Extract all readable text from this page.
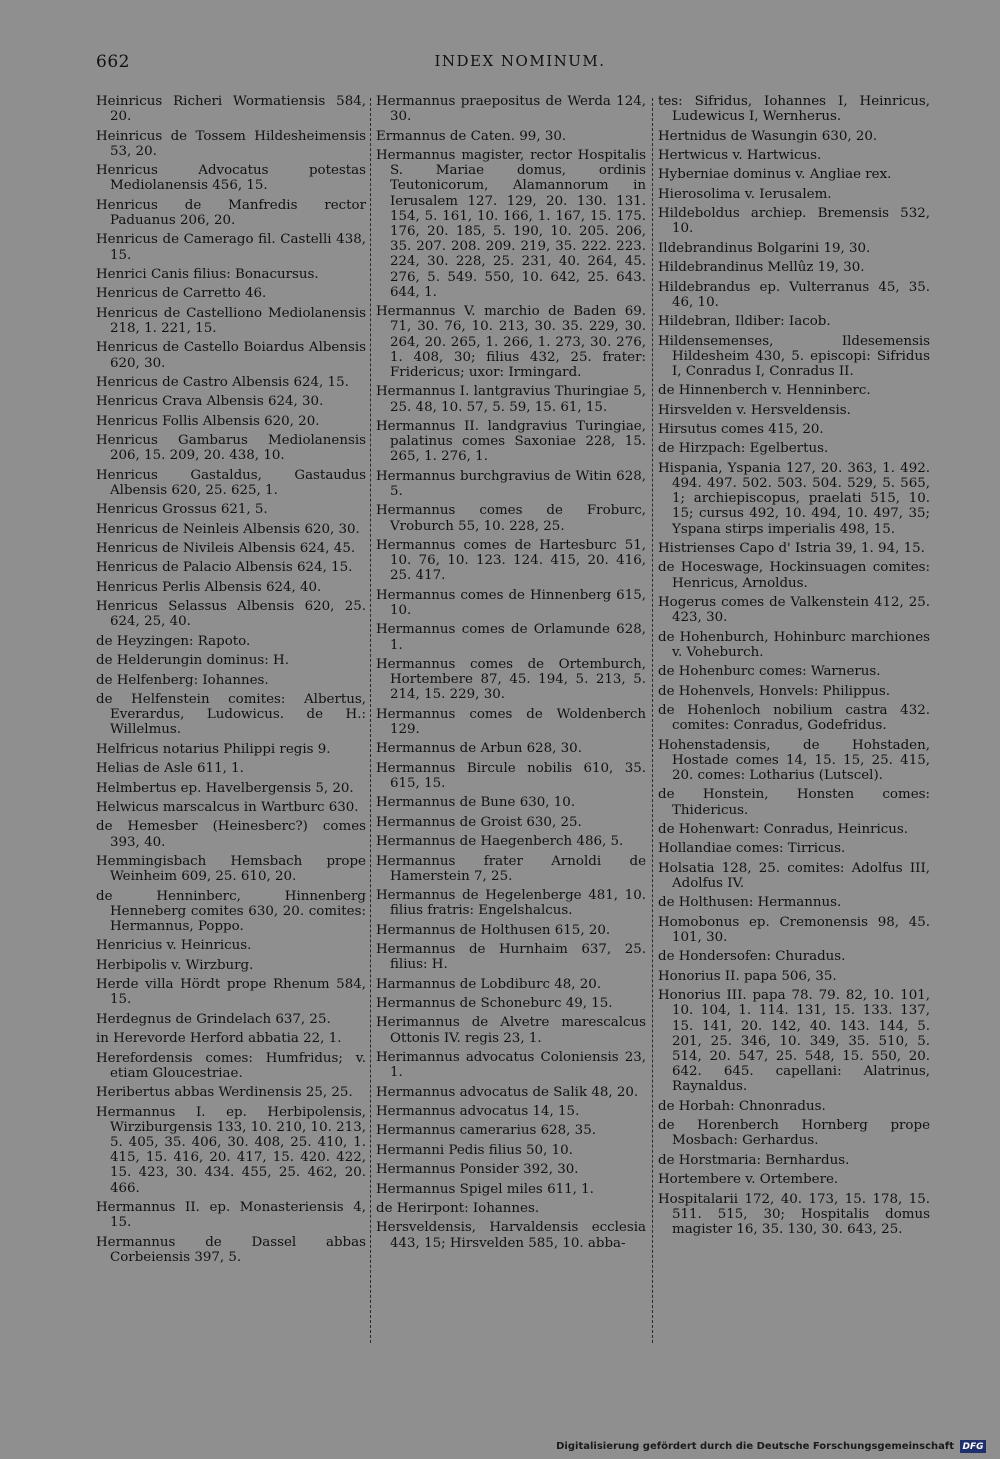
662	INDEX NOMINUM.
Heinricus Richeri Wormatiensis 584, 20.
Heinricus de Tossem Hildesheimensis 53, 20.
Henricus Advocatus potestas Mediolanensis 456, 15.
Henricus de Manfredis rector Paduanus 206, 20.
Henricus de Camerago fil. Castelli 438, 15.
Henrici Canis filius: Bonacursus.
Henricus de Carretto 46.
Henricus de Castelliono Mediolanensis 218, 1. 221, 15.
Henricus de Castello Boiardus Albensis 620, 30.
Henricus de Castro Albensis 624, 15.
Henricus Crava Albensis 624, 30.
Henricus Follis Albensis 620, 20.
Henricus Gambarus Mediolanensis 206, 15. 209, 20. 438, 10.
Henricus Gastaldus, Gastaudus Albensis 620, 25. 625, 1.
Henricus Grossus 621, 5.
Henricus de Neinleis Albensis 620, 30.
Henricus de Nivileis Albensis 624, 45.
Henricus de Palacio Albensis 624, 15.
Henricus Perlis Albensis 624, 40.
Henricus Selassus Albensis 620, 25. 624, 25, 40.
de Heyzingen: Rapoto.
de Helderungin dominus: H.
de Helfenberg: Iohannes.
de Helfenstein comites: Albertus, Everardus, Ludowicus. de H.: Willelmus.
Helfricus notarius Philippi regis 9.
Helias de Asle 611, 1.
Helmbertus ep. Havelbergensis 5, 20.
Helwicus marscalcus in Wartburc 630.
de Hemesber (Heinesberc?) comes 393, 40.
Hemmingisbach Hemsbach prope Weinheim 609, 25. 610, 20.
de Henninberc, Hinnenberg Henneberg comites 630, 20. comites: Hermannus, Poppo.
Henricius v. Heinricus.
Herbipolis v. Wirzburg.
Herde villa Hördt prope Rhenum 584, 15.
Herdegnus de Grindelach 637, 25.
in Herevorde Herford abbatia 22, 1.
Herefordensis comes: Humfridus; v. etiam Gloucestriae.
Heribertus abbas Werdinensis 25, 25.
Hermannus I. ep. Herbipolensis, Wirziburgensis 133, 10. 210, 10. 213, 5. 405, 35. 406, 30. 408, 25. 410, 1. 415, 15. 416, 20. 417, 15. 420. 422, 15. 423, 30. 434. 455, 25. 462, 20. 466.
Hermannus II. ep. Monasteriensis 4, 15.
Hermannus de Dassel abbas Corbeiensis 397, 5.
Hermannus praepositus de Werda 124, 30.
Ermannus de Caten. 99, 30.
Hermannus magister, rector Hospitalis S. Mariae domus, ordinis Teutonicorum, Alamannorum in Ierusalem 127. 129, 20. 130. 131. 154, 5. 161, 10. 166, 1. 167, 15. 175. 176, 20. 185, 5. 190, 10. 205. 206, 35. 207. 208. 209. 219, 35. 222. 223. 224, 30. 228, 25. 231, 40. 264, 45. 276, 5. 549. 550, 10. 642, 25. 643. 644, 1.
Hermannus V. marchio de Baden 69. 71, 30. 76, 10. 213, 30. 35. 229, 30. 264, 20. 265, 1. 266, 1. 273, 30. 276, 1. 408, 30; filius 432, 25. frater: Fridericus; uxor: Irmingard.
Hermannus I. lantgravius Thuringiae 5, 25. 48, 10. 57, 5. 59, 15. 61, 15.
Hermannus II. landgravius Turingiae, palatinus comes Saxoniae 228, 15. 265, 1. 276, 1.
Hermannus burchgravius de Witin 628, 5.
Hermannus comes de Froburc, Vroburch 55, 10. 228, 25.
Hermannus comes de Hartesburc 51, 10. 76, 10. 123. 124. 415, 20. 416, 25. 417.
Hermannus comes de Hinnenberg 615, 10.
Hermannus comes de Orlamunde 628, 1.
Hermannus comes de Ortemburch, Hortembere 87, 45. 194, 5. 213, 5. 214, 15. 229, 30.
Hermannus comes de Woldenberch 129.
Hermannus de Arbun 628, 30.
Hermannus Bircule nobilis 610, 35. 615, 15.
Hermannus de Bune 630, 10.
Hermannus de Groist 630, 25.
Hermannus de Haegenberch 486, 5.
Hermannus frater Arnoldi de Hamerstein 7, 25.
Hermannus de Hegelenberge 481, 10. filius fratris: Engelshalcus.
Hermannus de Holthusen 615, 20.
Hermannus de Hurnhaim 637, 25. filius: H.
Harmannus de Lobdiburc 48, 20.
Hermannus de Schoneburc 49, 15.
Herimannus de Alvetre marescalcus Ottonis IV. regis 23, 1.
Herimannus advocatus Coloniensis 23, 1.
Hermannus advocatus de Salik 48, 20.
Hermannus advocatus 14, 15.
Hermannus camerarius 628, 35.
Hermanni Pedis filius 50, 10.
Hermannus Ponsider 392, 30.
Hermannus Spigel miles 611, 1.
de Herirpont: Iohannes.
Hersveldensis, Harvaldensis ecclesia 443, 15; Hirsvelden 585, 10. abba-
tes: Sifridus, Iohannes I, Heinricus, Ludewicus I, Wernherus.
Hertnidus de Wasungin 630, 20.
Hertwicus v. Hartwicus.
Hyberniae dominus v. Angliae rex.
Hierosolima v. Ierusalem.
Hildeboldus archiep. Bremensis 532, 10.
Ildebrandinus Bolgarini 19, 30.
Hildebrandinus Mellûz 19, 30.
Hildebrandus ep. Vulterranus 45, 35. 46, 10.
Hildebran, Ildiber: Iacob.
Hildensemenses, Ildesemensis Hildesheim 430, 5. episcopi: Sifridus I, Conradus I, Conradus II.
de Hinnenberch v. Henninberc.
Hirsvelden v. Hersveldensis.
Hirsutus comes 415, 20.
de Hirzpach: Egelbertus.
Hispania, Yspania 127, 20. 363, 1. 492. 494. 497. 502. 503. 504. 529, 5. 565, 1; archiepiscopus, praelati 515, 10. 15; cursus 492, 10. 494, 10. 497, 35; Yspana stirps imperialis 498, 15.
Histrienses Capo d' Istria 39, 1. 94, 15.
de Hoceswage, Hockinsuagen comites: Henricus, Arnoldus.
Hogerus comes de Valkenstein 412, 25. 423, 30.
de Hohenburch, Hohinburc marchiones v. Voheburch.
de Hohenburc comes: Warnerus.
de Hohenvels, Honvels: Philippus.
de Hohenloch nobilium castra 432. comites: Conradus, Godefridus.
Hohenstadensis, de Hohstaden, Hostade comes 14, 15. 15, 25. 415, 20. comes: Lotharius (Lutscel).
de Honstein, Honsten comes: Thidericus.
de Hohenwart: Conradus, Heinricus.
Hollandiae comes: Tirricus.
Holsatia 128, 25. comites: Adolfus III, Adolfus IV.
de Holthusen: Hermannus.
Homobonus ep. Cremonensis 98, 45. 101, 30.
de Hondersofen: Churadus.
Honorius II. papa 506, 35.
Honorius III. papa 78. 79. 82, 10. 101, 10. 104, 1. 114. 131, 15. 133. 137, 15. 141, 20. 142, 40. 143. 144, 5. 201, 25. 346, 10. 349, 35. 510, 5. 514, 20. 547, 25. 548, 15. 550, 20. 642. 645. capellani: Alatrinus, Raynaldus.
de Horbah: Chnonradus.
de Horenberch Hornberg prope Mosbach: Gerhardus.
de Horstmaria: Bernhardus.
Hortembere v. Ortembere.
Hospitalarii 172, 40. 173, 15. 178, 15. 511. 515, 30; Hospitalis domus magister 16, 35. 130, 30. 643, 25.
Digitalisierung gefördert durch die Deutsche Forschungsgemeinschaft DFG
